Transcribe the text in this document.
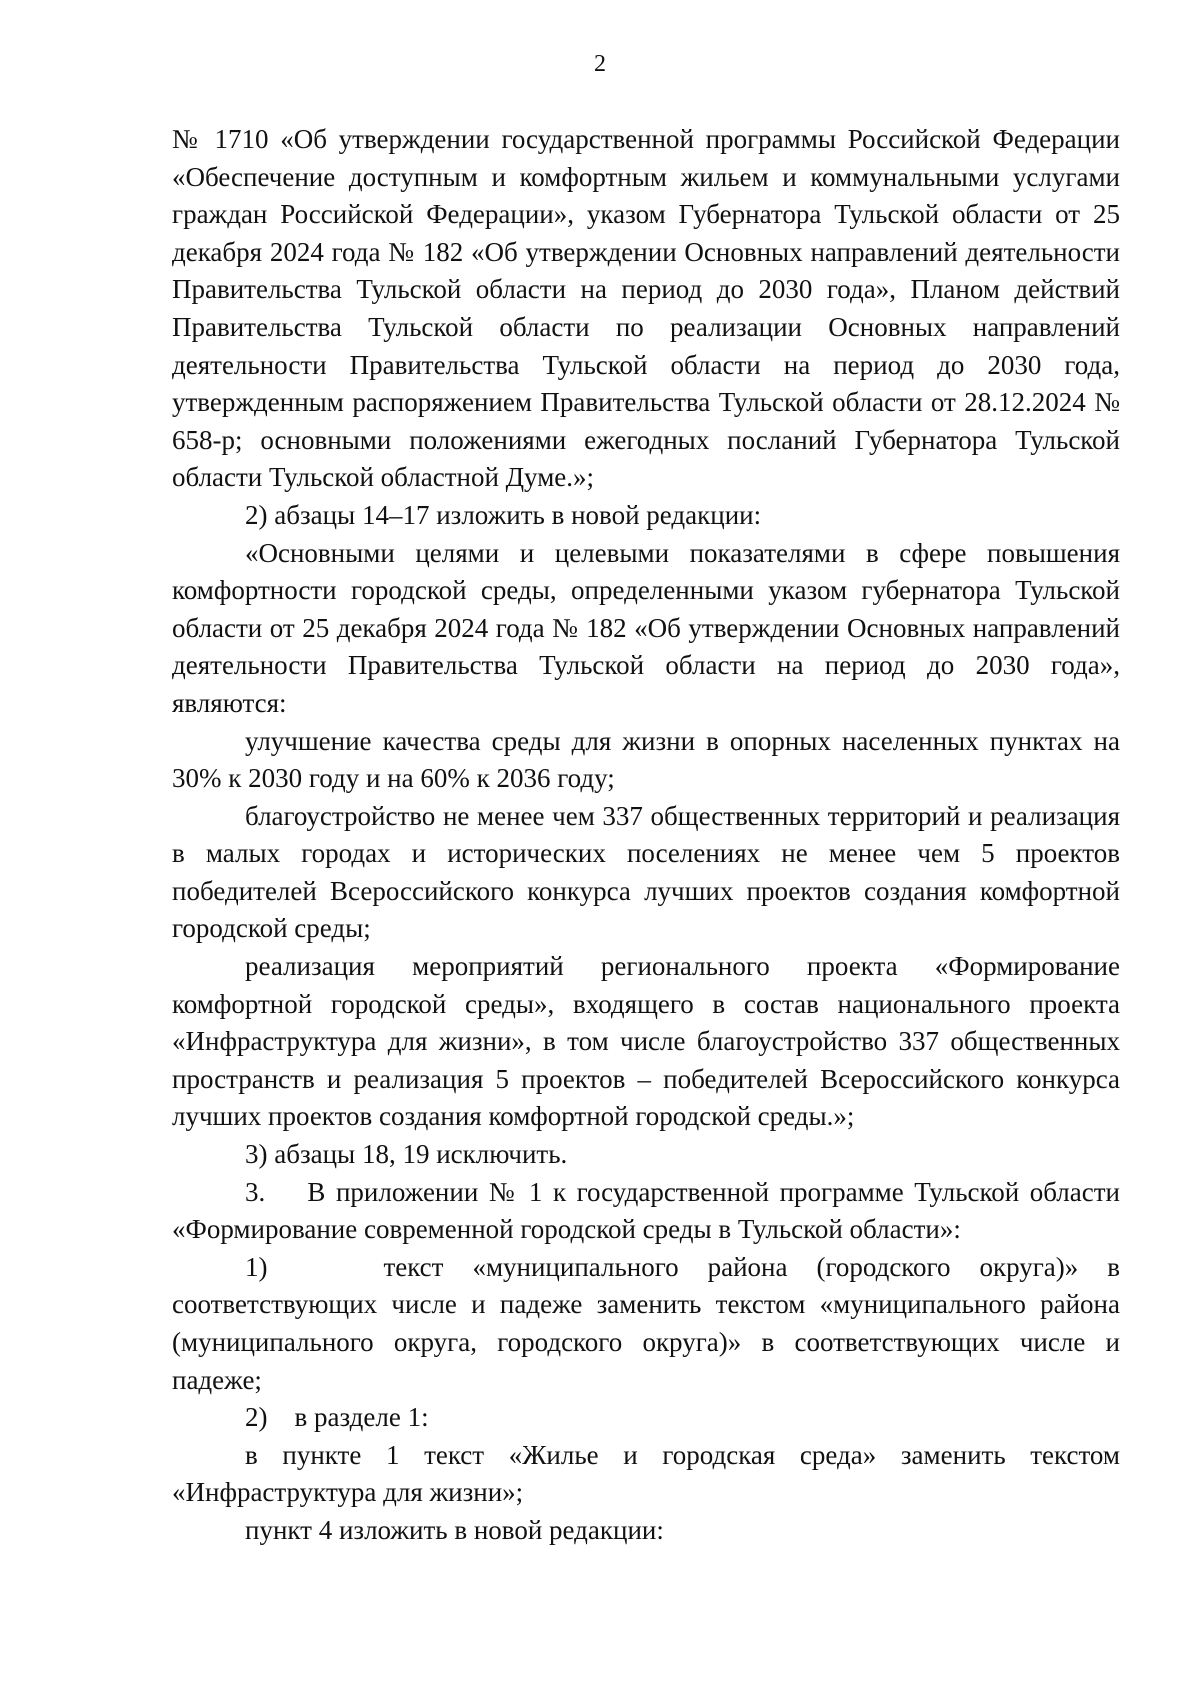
2

№ 1710 «Об утверждении государственной программы Российской Федерации «Обеспечение доступным и комфортным жильем и коммунальными услугами граждан Российской Федерации», указом Губернатора Тульской области от 25 декабря 2024 года № 182 «Об утверждении Основных направлений деятельности Правительства Тульской области на период до 2030 года», Планом действий Правительства Тульской области по реализации Основных направлений деятельности Правительства Тульской области на период до 2030 года, утвержденным распоряжением Правительства Тульской области от 28.12.2024 № 658-р; основными положениями ежегодных посланий Губернатора Тульской области Тульской областной Думе.»;

2) абзацы 14–17 изложить в новой редакции:

«Основными целями и целевыми показателями в сфере повышения комфортности городской среды, определенными указом губернатора Тульской области от 25 декабря 2024 года № 182 «Об утверждении Основных направлений деятельности Правительства Тульской области на период до 2030 года», являются:

улучшение качества среды для жизни в опорных населенных пунктах на 30% к 2030 году и на 60% к 2036 году;

благоустройство не менее чем 337 общественных территорий и реализация в малых городах и исторических поселениях не менее чем 5 проектов победителей Всероссийского конкурса лучших проектов создания комфортной городской среды;

реализация мероприятий регионального проекта «Формирование комфортной городской среды», входящего в состав национального проекта «Инфраструктура для жизни», в том числе благоустройство 337 общественных пространств и реализация 5 проектов – победителей Всероссийского конкурса лучших проектов создания комфортной городской среды.»;

3) абзацы 18, 19 исключить.

3.    В приложении № 1 к государственной программе Тульской области «Формирование современной городской среды в Тульской области»:

1)    текст «муниципального района (городского округа)» в соответствующих числе и падеже заменить текстом «муниципального района (муниципального округа, городского округа)» в соответствующих числе и падеже;

2)    в разделе 1:

в пункте 1 текст «Жилье и городская среда» заменить текстом «Инфраструктура для жизни»;

пункт 4 изложить в новой редакции:
